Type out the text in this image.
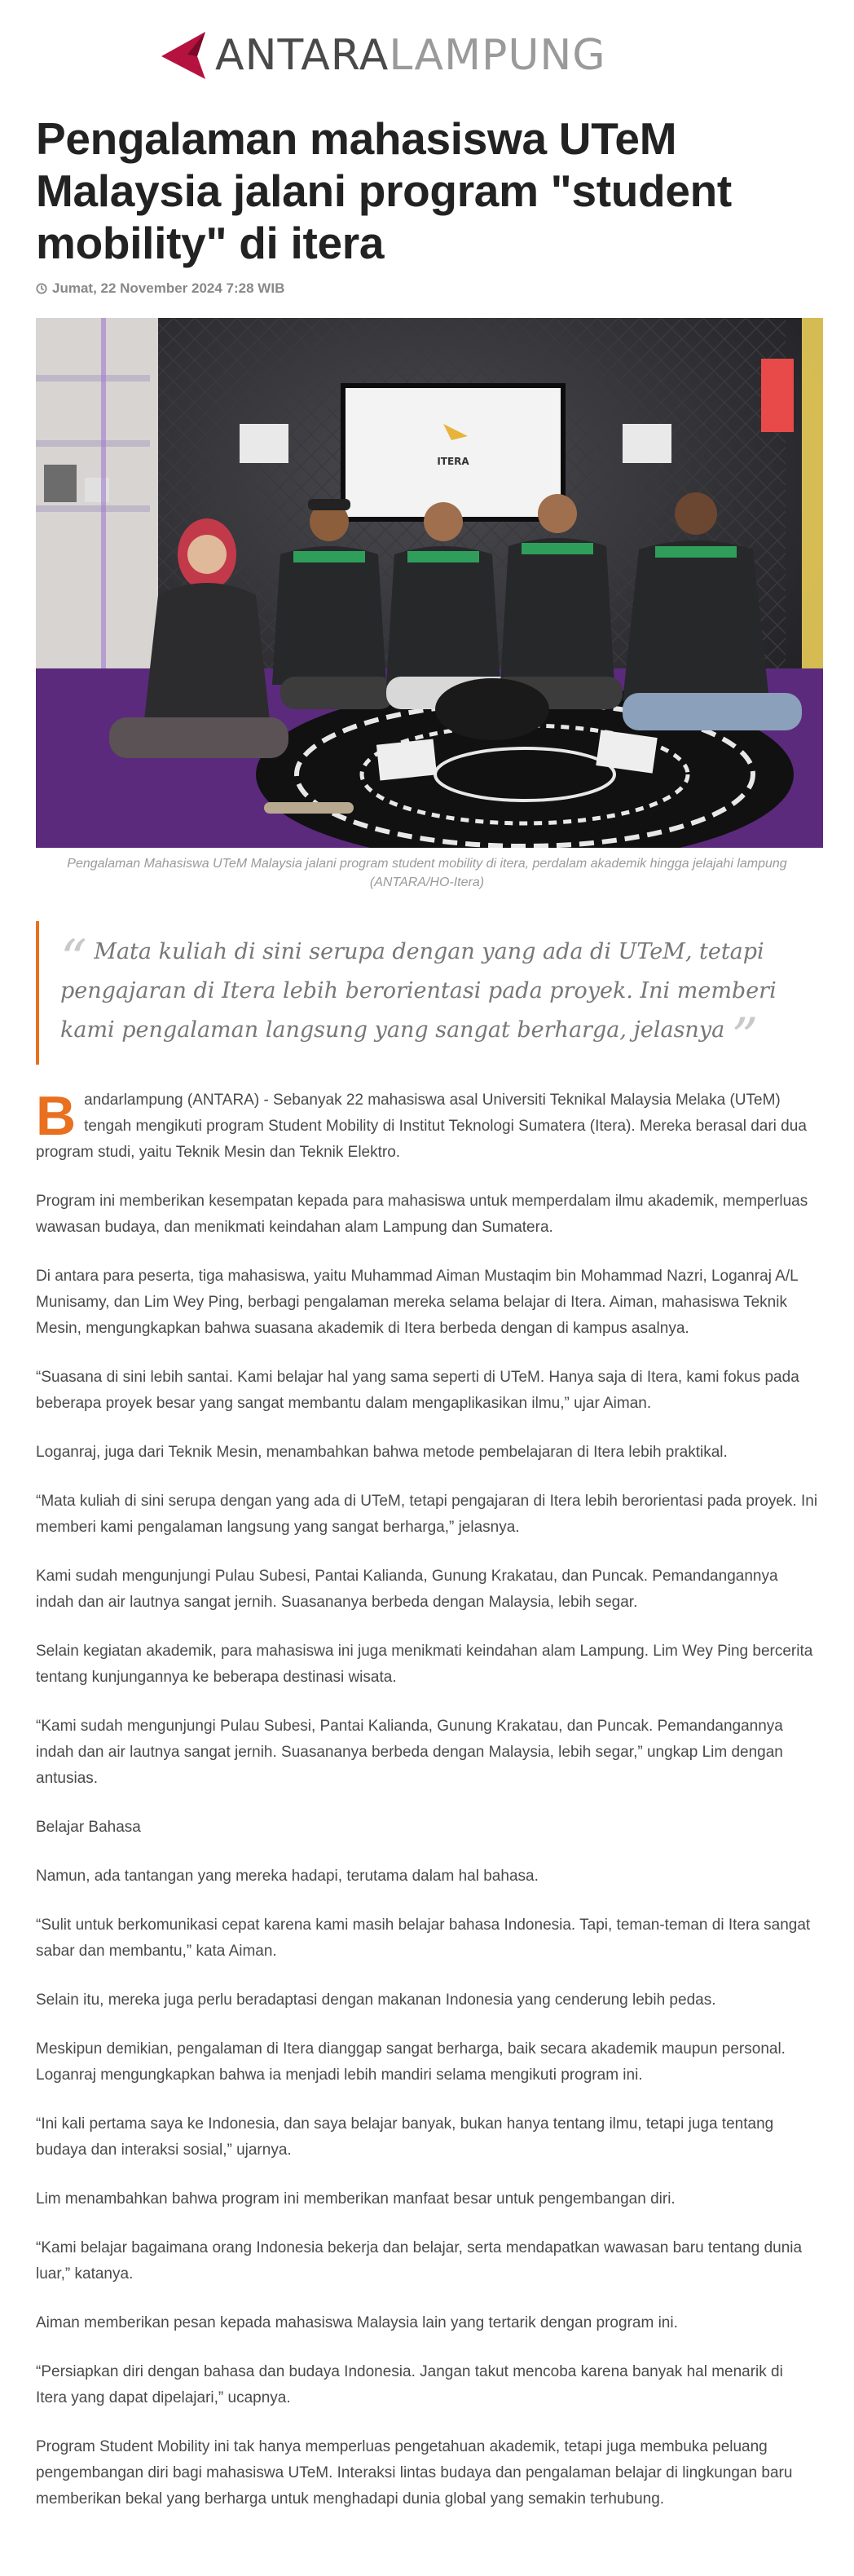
ANTARALAMPUNG
Pengalaman mahasiswa UTeM Malaysia jalani program "student mobility" di itera
Jumat, 22 November 2024 7:28 WIB
ITERA
Pengalaman Mahasiswa UTeM Malaysia jalani program student mobility di itera, perdalam akademik hingga jelajahi lampung
(ANTARA/HO-Itera)
“ Mata kuliah di sini serupa dengan yang ada di UTeM, tetapi pengajaran di Itera lebih berorientasi pada proyek. Ini memberi kami pengalaman langsung yang sangat berharga, jelasnya ”
B andarlampung (ANTARA) - Sebanyak 22 mahasiswa asal Universiti Teknikal Malaysia Melaka (UTeM) tengah mengikuti program Student Mobility di Institut Teknologi Sumatera (Itera). Mereka berasal dari dua program studi, yaitu Teknik Mesin dan Teknik Elektro.

Program ini memberikan kesempatan kepada para mahasiswa untuk memperdalam ilmu akademik, memperluas wawasan budaya, dan menikmati keindahan alam Lampung dan Sumatera.

Di antara para peserta, tiga mahasiswa, yaitu Muhammad Aiman Mustaqim bin Mohammad Nazri, Loganraj A/L Munisamy, dan Lim Wey Ping, berbagi pengalaman mereka selama belajar di Itera. Aiman, mahasiswa Teknik Mesin, mengungkapkan bahwa suasana akademik di Itera berbeda dengan di kampus asalnya.

“Suasana di sini lebih santai. Kami belajar hal yang sama seperti di UTeM. Hanya saja di Itera, kami fokus pada beberapa proyek besar yang sangat membantu dalam mengaplikasikan ilmu,” ujar Aiman.

Loganraj, juga dari Teknik Mesin, menambahkan bahwa metode pembelajaran di Itera lebih praktikal.

“Mata kuliah di sini serupa dengan yang ada di UTeM, tetapi pengajaran di Itera lebih berorientasi pada proyek. Ini memberi kami pengalaman langsung yang sangat berharga,” jelasnya.

Kami sudah mengunjungi Pulau Subesi, Pantai Kalianda, Gunung Krakatau, dan Puncak. Pemandangannya indah dan air lautnya sangat jernih. Suasananya berbeda dengan Malaysia, lebih segar.

Selain kegiatan akademik, para mahasiswa ini juga menikmati keindahan alam Lampung. Lim Wey Ping bercerita tentang kunjungannya ke beberapa destinasi wisata.

“Kami sudah mengunjungi Pulau Subesi, Pantai Kalianda, Gunung Krakatau, dan Puncak. Pemandangannya indah dan air lautnya sangat jernih. Suasananya berbeda dengan Malaysia, lebih segar,” ungkap Lim dengan antusias.

Belajar Bahasa

Namun, ada tantangan yang mereka hadapi, terutama dalam hal bahasa.

“Sulit untuk berkomunikasi cepat karena kami masih belajar bahasa Indonesia. Tapi, teman-teman di Itera sangat sabar dan membantu,” kata Aiman.

Selain itu, mereka juga perlu beradaptasi dengan makanan Indonesia yang cenderung lebih pedas.

Meskipun demikian, pengalaman di Itera dianggap sangat berharga, baik secara akademik maupun personal. Loganraj mengungkapkan bahwa ia menjadi lebih mandiri selama mengikuti program ini.

“Ini kali pertama saya ke Indonesia, dan saya belajar banyak, bukan hanya tentang ilmu, tetapi juga tentang budaya dan interaksi sosial,” ujarnya.

Lim menambahkan bahwa program ini memberikan manfaat besar untuk pengembangan diri.

“Kami belajar bagaimana orang Indonesia bekerja dan belajar, serta mendapatkan wawasan baru tentang dunia luar,” katanya.

Aiman memberikan pesan kepada mahasiswa Malaysia lain yang tertarik dengan program ini.

“Persiapkan diri dengan bahasa dan budaya Indonesia. Jangan takut mencoba karena banyak hal menarik di Itera yang dapat dipelajari,” ucapnya.

Program Student Mobility ini tak hanya memperluas pengetahuan akademik, tetapi juga membuka peluang pengembangan diri bagi mahasiswa UTeM. Interaksi lintas budaya dan pengalaman belajar di lingkungan baru memberikan bekal yang berharga untuk menghadapi dunia global yang semakin terhubung.
